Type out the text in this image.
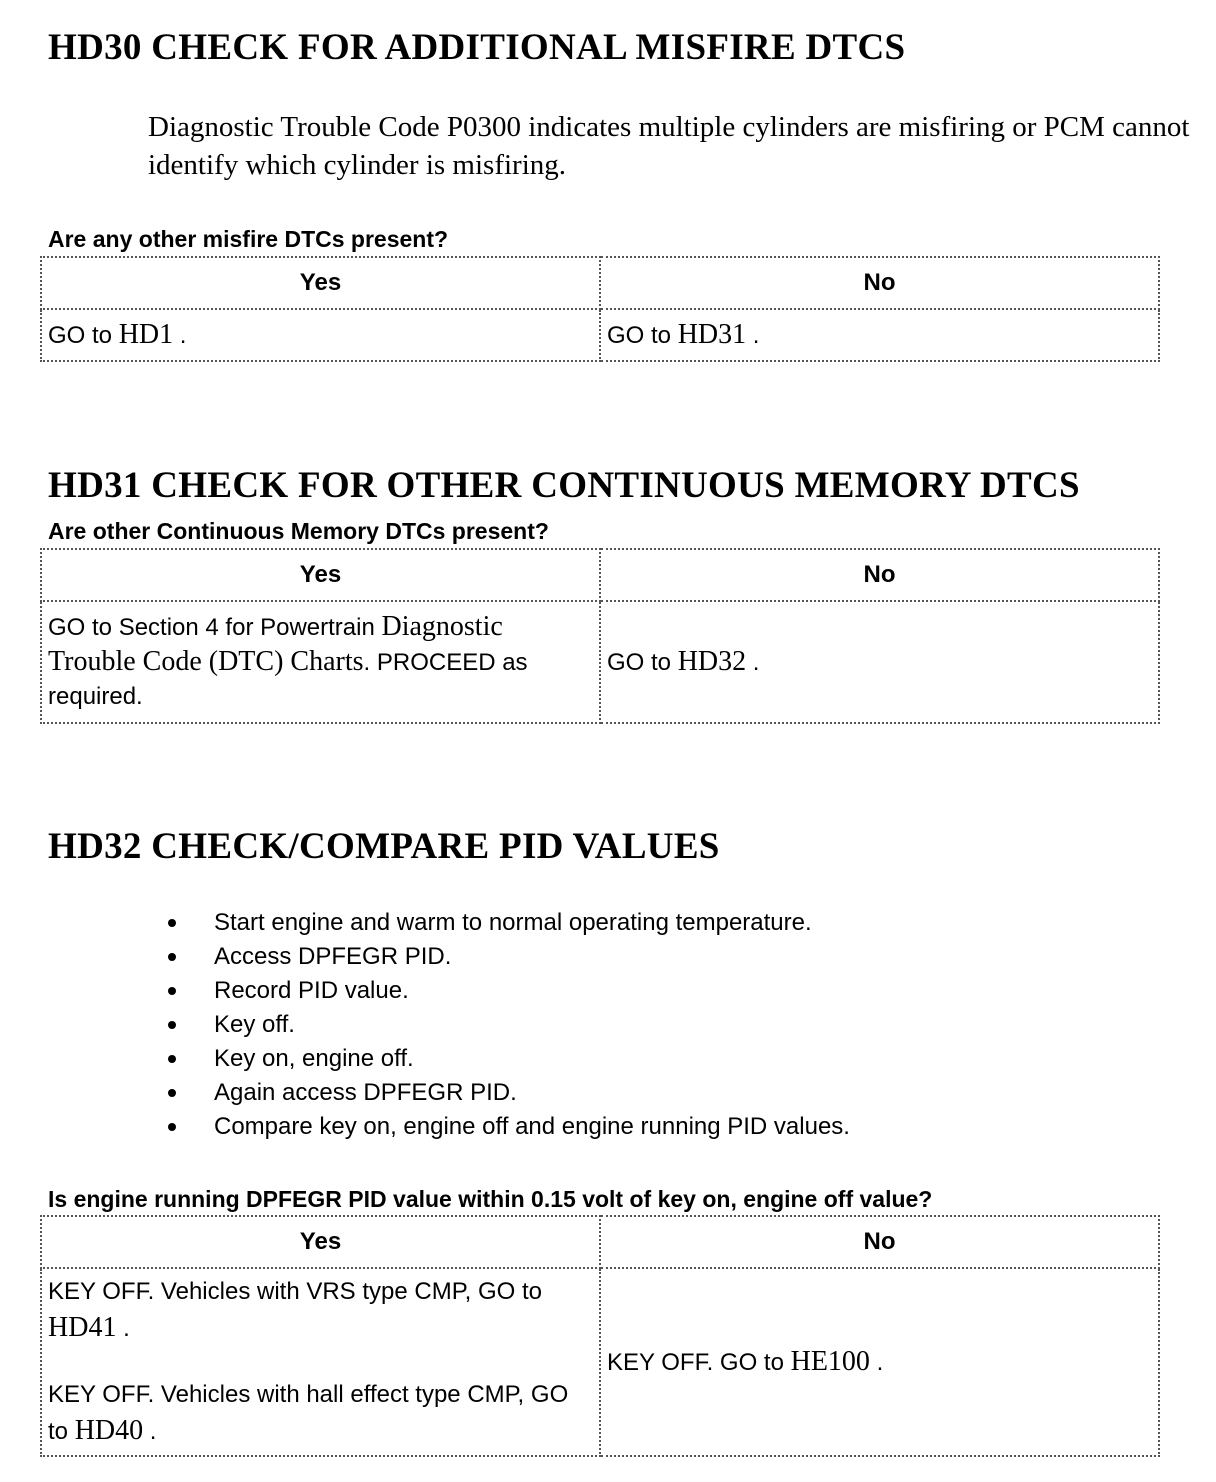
HD30 CHECK FOR ADDITIONAL MISFIRE DTCS
Diagnostic Trouble Code P0300 indicates multiple cylinders are misfiring or PCM cannot identify which cylinder is misfiring.
Are any other misfire DTCs present?
Yes	No
GO to HD1 .	GO to HD31 .
HD31 CHECK FOR OTHER CONTINUOUS MEMORY DTCS
Are other Continuous Memory DTCs present?
Yes	No
GO to Section 4 for Powertrain Diagnostic Trouble Code (DTC) Charts. PROCEED as required.	GO to HD32 .
HD32 CHECK/COMPARE PID VALUES
Start engine and warm to normal operating temperature.
Access DPFEGR PID.
Record PID value.
Key off.
Key on, engine off.
Again access DPFEGR PID.
Compare key on, engine off and engine running PID values.
Is engine running DPFEGR PID value within 0.15 volt of key on, engine off value?
Yes	No

KEY OFF. Vehicles with VRS type CMP, GO to HD41 .

KEY OFF. Vehicles with hall effect type CMP, GO to HD40 .	KEY OFF. GO to HE100 .
